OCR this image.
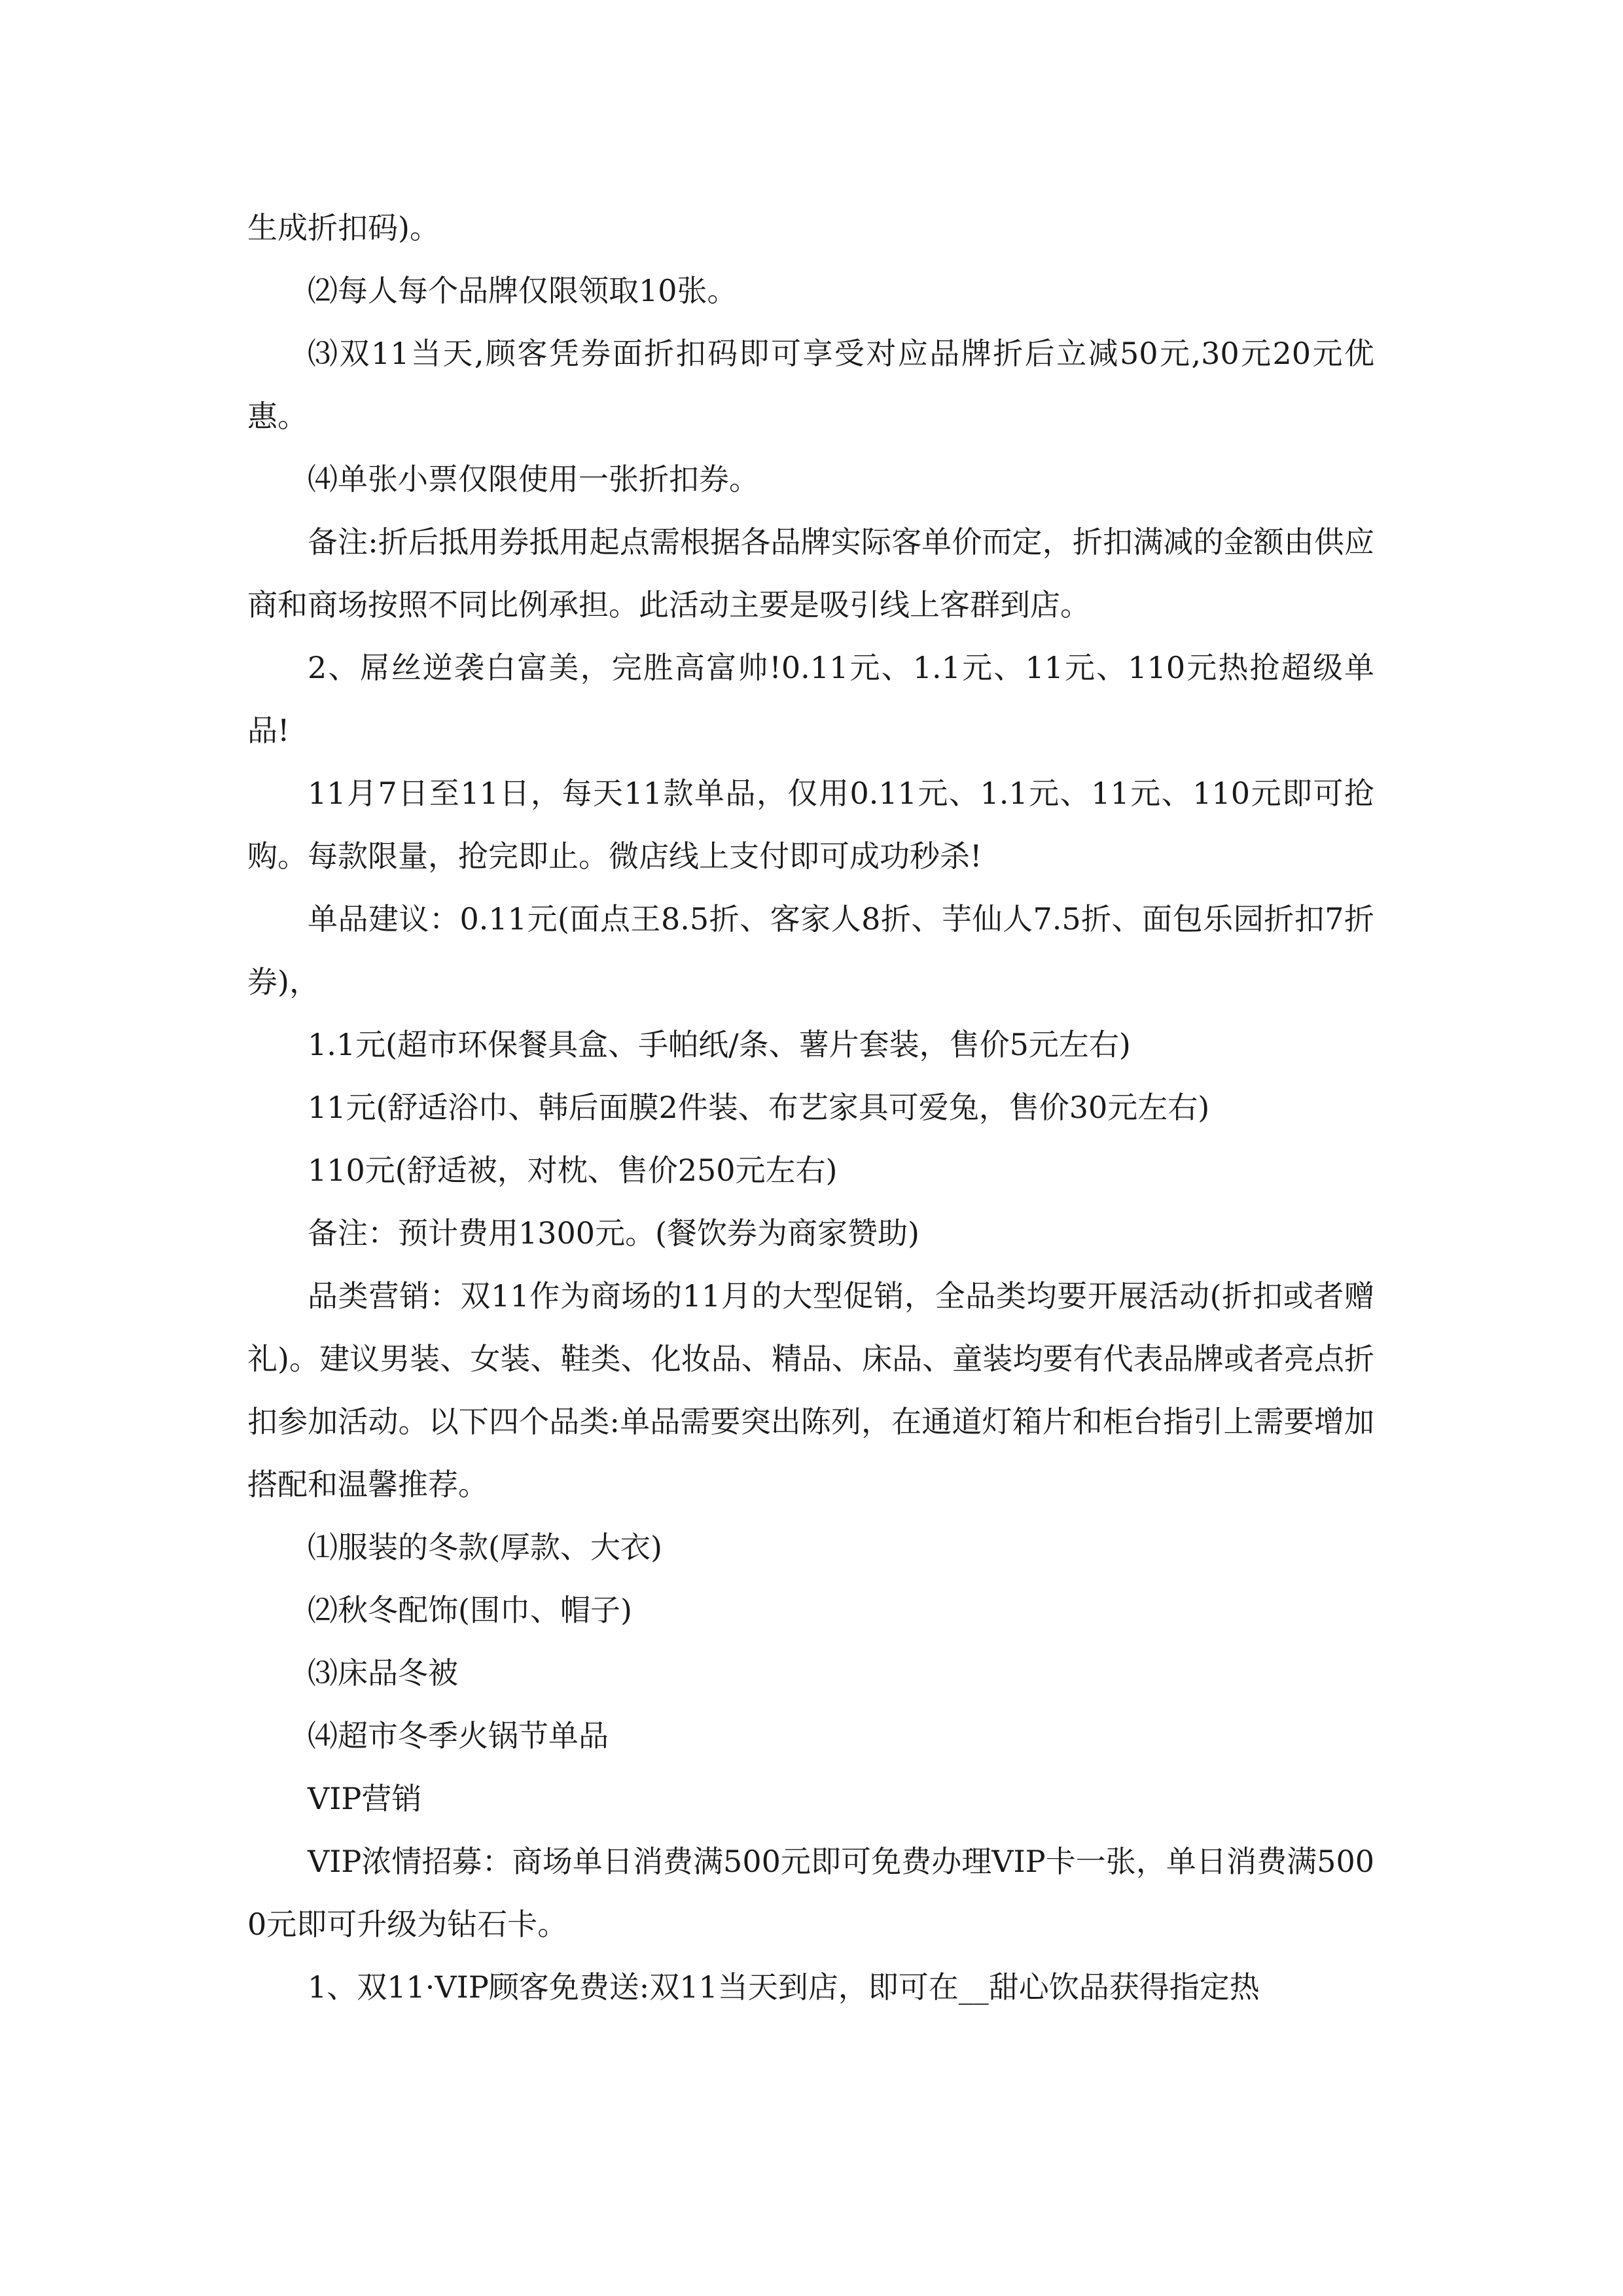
生成折扣码)。

⑵每人每个品牌仅限领取10张。

⑶双11当天,顾客凭券面折扣码即可享受对应品牌折后立减50元,30元20元优惠。

⑷单张小票仅限使用一张折扣券。

备注:折后抵用券抵用起点需根据各品牌实际客单价而定，折扣满减的金额由供应商和商场按照不同比例承担。此活动主要是吸引线上客群到店。

2、屌丝逆袭白富美，完胜高富帅!0.11元、1.1元、11元、110元热抢超级单品!

11月7日至11日，每天11款单品，仅用0.11元、1.1元、11元、110元即可抢购。每款限量，抢完即止。微店线上支付即可成功秒杀!

单品建议：0.11元(面点王8.5折、客家人8折、芋仙人7.5折、面包乐园折扣7折券)，

1.1元(超市环保餐具盒、手帕纸/条、薯片套装，售价5元左右)

11元(舒适浴巾、韩后面膜2件装、布艺家具可爱兔，售价30元左右)

110元(舒适被，对枕、售价250元左右)

备注：预计费用1300元。(餐饮券为商家赞助)

品类营销：双11作为商场的11月的大型促销，全品类均要开展活动(折扣或者赠礼)。建议男装、女装、鞋类、化妆品、精品、床品、童装均要有代表品牌或者亮点折扣参加活动。以下四个品类:单品需要突出陈列，在通道灯箱片和柜台指引上需要增加搭配和温馨推荐。

⑴服装的冬款(厚款、大衣)

⑵秋冬配饰(围巾、帽子)

⑶床品冬被

⑷超市冬季火锅节单品

VIP营销

VIP浓情招募：商场单日消费满500元即可免费办理VIP卡一张，单日消费满5000元即可升级为钻石卡。

1、双11·VIP顾客免费送:双11当天到店，即可在__甜心饮品获得指定热
